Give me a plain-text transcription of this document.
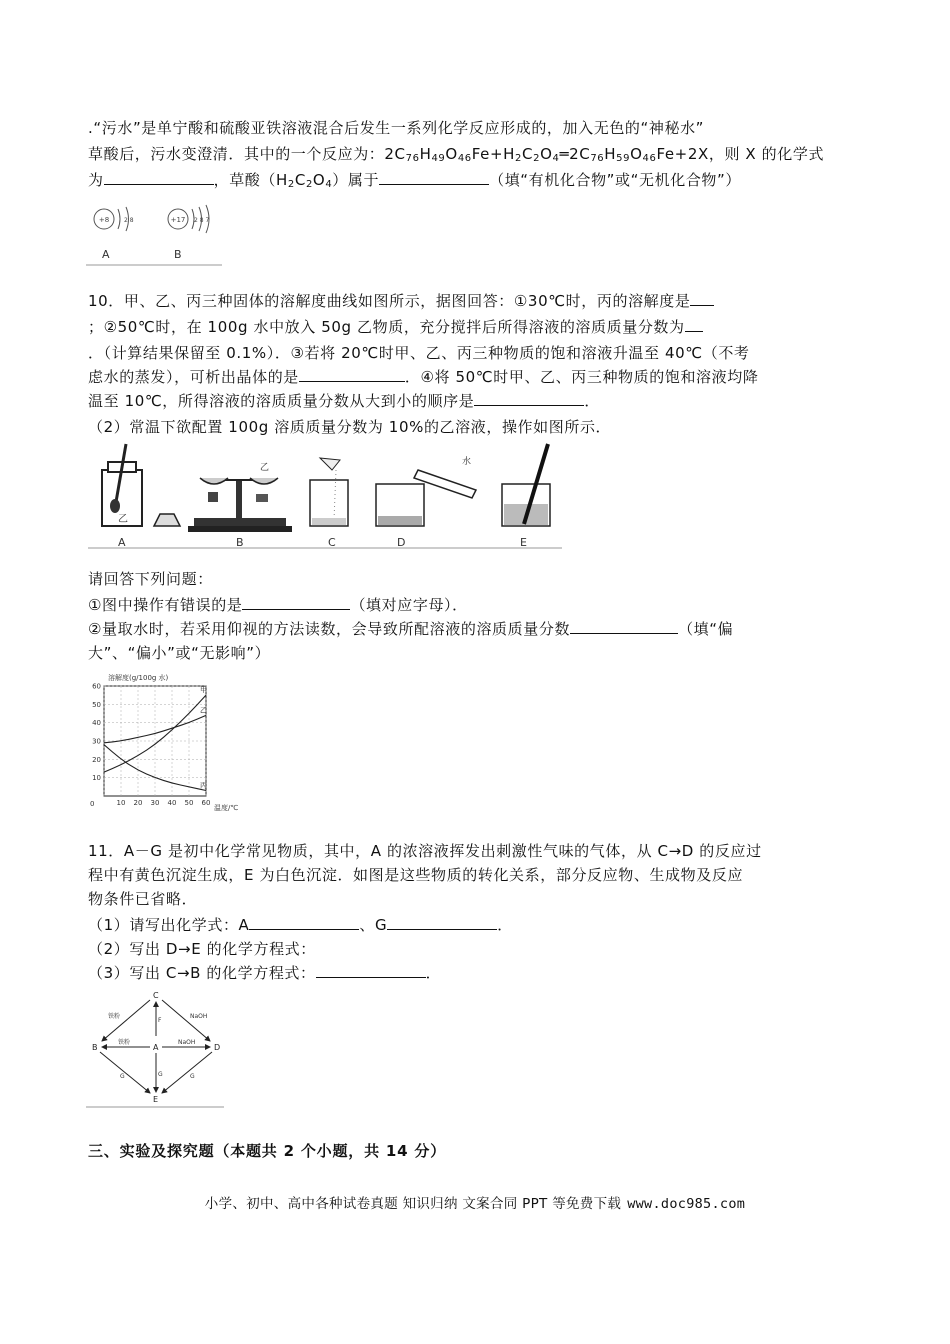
.“污水”是单宁酸和硫酸亚铁溶液混合后发生一系列化学反应形成的，加入无色的“神秘水”
草酸后，污水变澄清．其中的一个反应为：$2C_{76}H_{49}O_{46}Fe+H_2C_2O_4═2C_{76}H_{59}O_{46}Fe+2X$，则 X 的化学式
为	，草酸$(H_2C_2O_4)$属于	（填“有机化合物”或“无机化合物”）
+8 2 8	+17 2 8 7
A	B
10．甲、乙、丙三种固体的溶解度曲线如图所示，据图回答：①30℃时，丙的溶解度是
；②50℃时，在 100g 水中放入 50g 乙物质，充分搅拌后所得溶液的溶质质量分数为
．（计算结果保留至 0.1%）．③若将 20℃时甲、乙、丙三种物质的饱和溶液升温至 40℃（不考
虑水的蒸发），可析出晶体的是	．④将 50℃时甲、乙、丙三种物质的饱和溶液均降
温至 10℃，所得溶液的溶质质量分数从大到小的顺序是	．
（2）常温下欲配置 100g 溶质质量分数为 10%的乙溶液，操作如图所示．
乙
乙
水
A	B	C	D	E
请回答下列问题：
①图中操作有错误的是	（填对应字母）．
②量取水时，若采用仰视的方法读数，会导致所配溶液的溶质质量分数	（填“偏
大”、“偏小”或“无影响”）
溶解度(g/100g 水)
温度/℃
0	10 20 30 40 50 60
10
20
30
40
50
60	甲
乙
丙
11．A－G 是初中化学常见物质，其中，A 的浓溶液挥发出刺激性气味的气体，从 C→D 的反应过
程中有黄色沉淀生成，E 为白色沉淀．如图是这些物质的转化关系，部分反应物、生成物及反应
物条件已省略．
（1）请写出化学式：A	、G	．
（2）写出 D→E 的化学方程式：
（3）写出 C→B 的化学方程式：	．
C
B	A	D
E
铁粉	NaOH
F
铁粉	NaOH
G	G	G
三、实验及探究题（本题共 2 个小题，共 14 分）
小学、初中、高中各种试卷真题 知识归纳 文案合同 PPT 等免费下载 www.doc985.com
